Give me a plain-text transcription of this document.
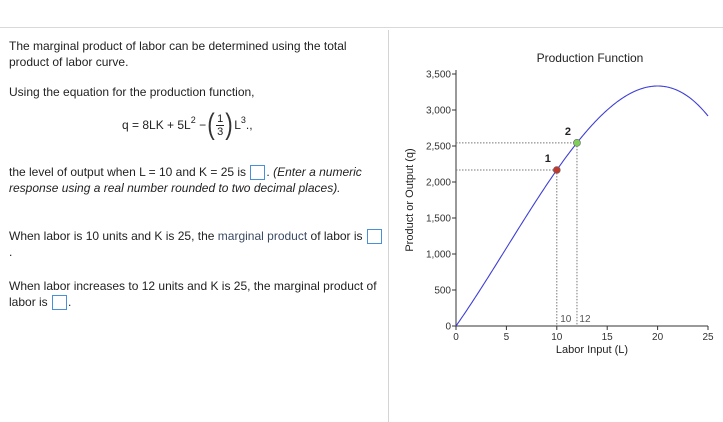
The marginal product of labor can be determined using the total product of labor curve.

Using the equation for the production function,

$q = 8LK + 5L^2$ −( $\frac{1}{3} )L^3$.,

the level of output when L = 10 and K = 25 is . (Enter a numeric response using a real number rounded to two decimal places).

When labor is 10 units and K is 25, the marginal product of labor is .

When labor increases to 12 units and K is 25, the marginal product of labor is .

Production Function
0
500
1,000
1,500
2,000
2,500
3,000
3,500
0	5	10	15	20	25
Labor Input (L)
Product or Output (q)	1
2
10 12
